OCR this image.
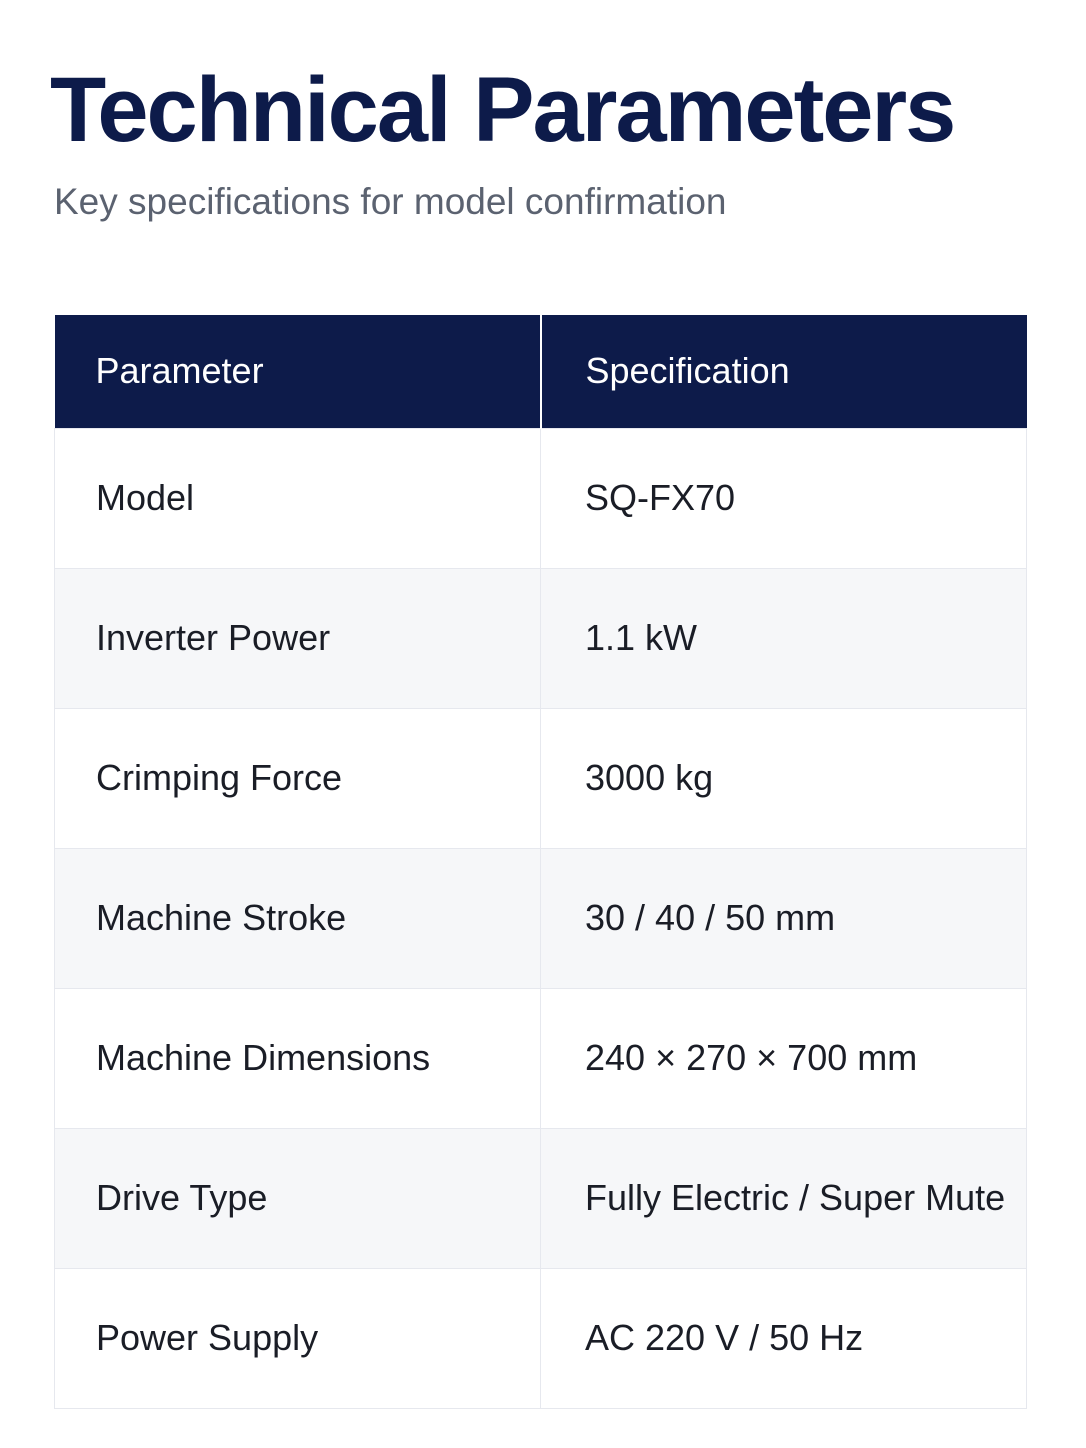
Technical Parameters

Key specifications for model confirmation

Parameter	Specification
Model	SQ-FX70
Inverter Power	1.1 kW
Crimping Force	3000 kg
Machine Stroke	30 / 40 / 50 mm
Machine Dimensions	240 × 270 × 700 mm
Drive Type	Fully Electric / Super Mute
Power Supply	AC 220 V / 50 Hz
